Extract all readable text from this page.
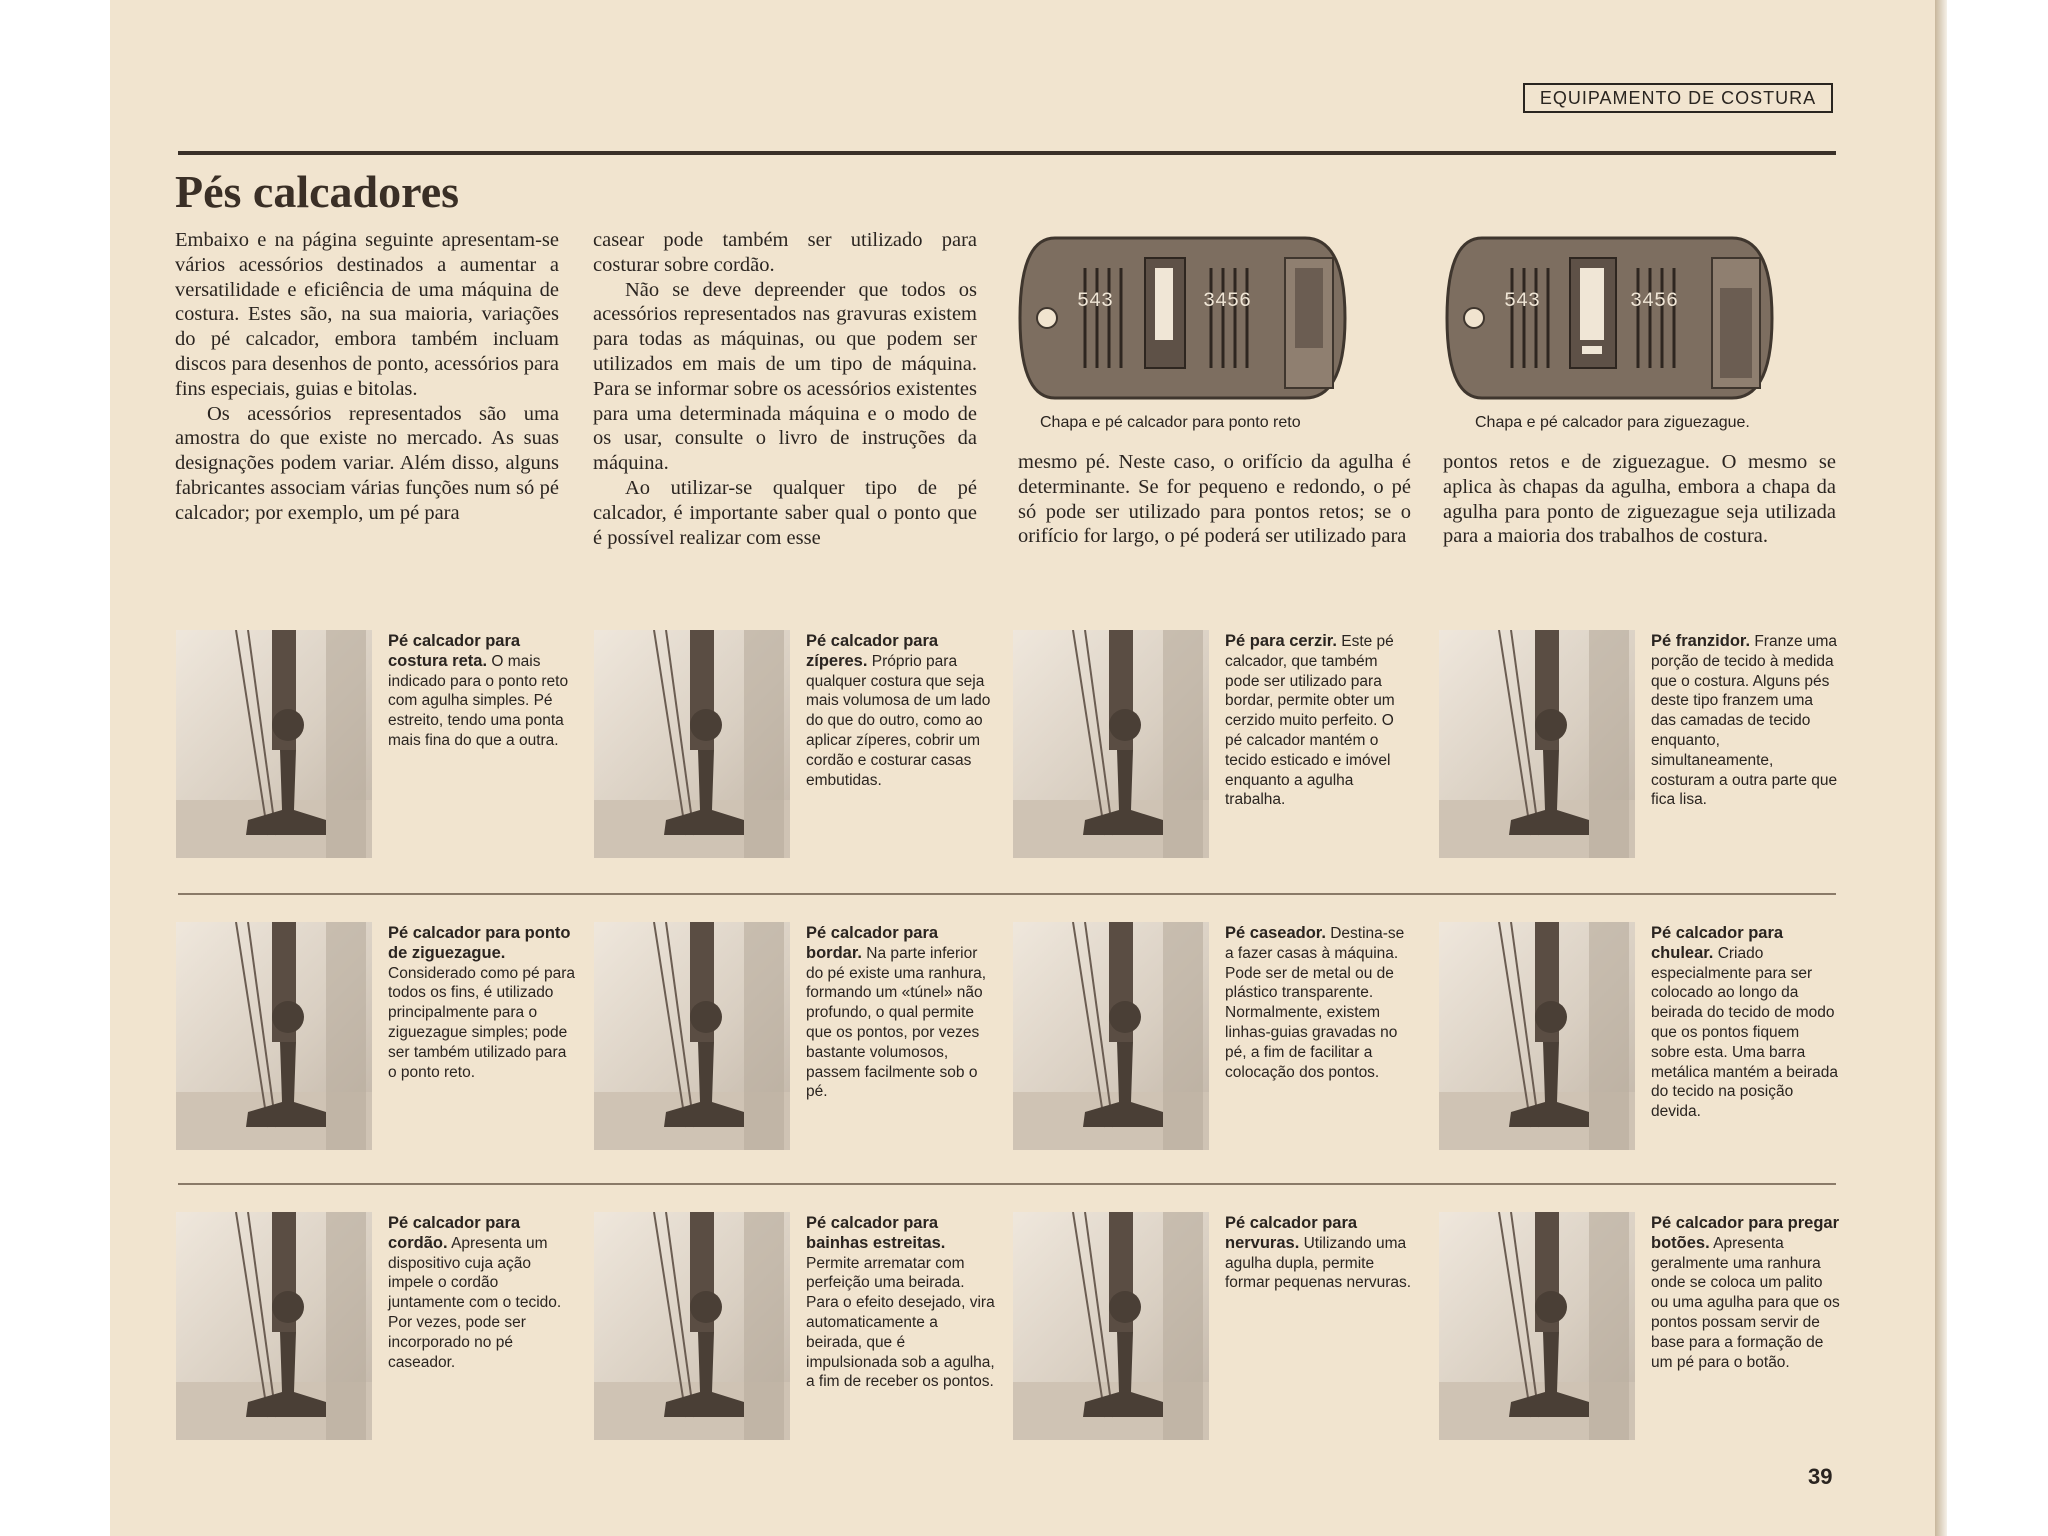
EQUIPAMENTO DE COSTURA
Pés calcadores

Embaixo e na página seguinte apresentam-se vários acessórios destinados a aumentar a versatilidade e eficiência de uma máquina de costura. Estes são, na sua maioria, variações do pé calcador, embora também incluam discos para desenhos de ponto, acessórios para fins especiais, guias e bitolas.

Os acessórios representados são uma amostra do que existe no mercado. As suas designações podem variar. Além disso, alguns fabricantes associam várias funções num só pé calcador; por exemplo, um pé para

casear pode também ser utilizado para costurar sobre cordão.

Não se deve depreender que todos os acessórios representados nas gravuras existem para todas as máquinas, ou que podem ser utilizados em mais de um tipo de máquina. Para se informar sobre os acessórios existentes para uma determinada máquina e o modo de os usar, consulte o livro de instruções da máquina.

Ao utilizar-se qualquer tipo de pé calcador, é importante saber qual o ponto que é possível realizar com esse

mesmo pé. Neste caso, o orifício da agulha é determinante. Se for pequeno e redondo, o pé só pode ser utilizado para pontos retos; se o orifício for largo, o pé poderá ser utilizado para

pontos retos e de ziguezague. O mesmo se aplica às chapas da agulha, embora a chapa da agulha para ponto de ziguezague seja utilizada para a maioria dos trabalhos de costura.

543	3456
Chapa e pé calcador para ponto reto
543	3456
Chapa e pé calcador para ziguezague.
Pé calcador para costura reta. O mais indicado para o ponto reto com agulha simples. Pé estreito, tendo uma ponta mais fina do que a outra.
Pé calcador para zíperes. Próprio para qualquer costura que seja mais volumosa de um lado do que do outro, como ao aplicar zíperes, cobrir um cordão e costurar casas embutidas.
Pé para cerzir. Este pé calcador, que também pode ser utilizado para bordar, permite obter um cerzido muito perfeito. O pé calcador mantém o tecido esticado e imóvel enquanto a agulha trabalha.
Pé franzidor. Franze uma porção de tecido à medida que o costura. Alguns pés deste tipo franzem uma das camadas de tecido enquanto, simultaneamente, costuram a outra parte que fica lisa.
Pé calcador para ponto de ziguezague. Considerado como pé para todos os fins, é utilizado principalmente para o ziguezague simples; pode ser também utilizado para o ponto reto.
Pé calcador para bordar. Na parte inferior do pé existe uma ranhura, formando um «túnel» não profundo, o qual permite que os pontos, por vezes bastante volumosos, passem facilmente sob o pé.
Pé caseador. Destina-se a fazer casas à máquina. Pode ser de metal ou de plástico transparente. Normalmente, existem linhas-guias gravadas no pé, a fim de facilitar a colocação dos pontos.
Pé calcador para chulear. Criado especialmente para ser colocado ao longo da beirada do tecido de modo que os pontos fiquem sobre esta. Uma barra metálica mantém a beirada do tecido na posição devida.
Pé calcador para cordão. Apresenta um dispositivo cuja ação impele o cordão juntamente com o tecido. Por vezes, pode ser incorporado no pé caseador.
Pé calcador para bainhas estreitas. Permite arrematar com perfeição uma beirada. Para o efeito desejado, vira automaticamente a beirada, que é impulsionada sob a agulha, a fim de receber os pontos.
Pé calcador para nervuras. Utilizando uma agulha dupla, permite formar pequenas nervuras.
Pé calcador para pregar botões. Apresenta geralmente uma ranhura onde se coloca um palito ou uma agulha para que os pontos possam servir de base para a formação de um pé para o botão.
39
